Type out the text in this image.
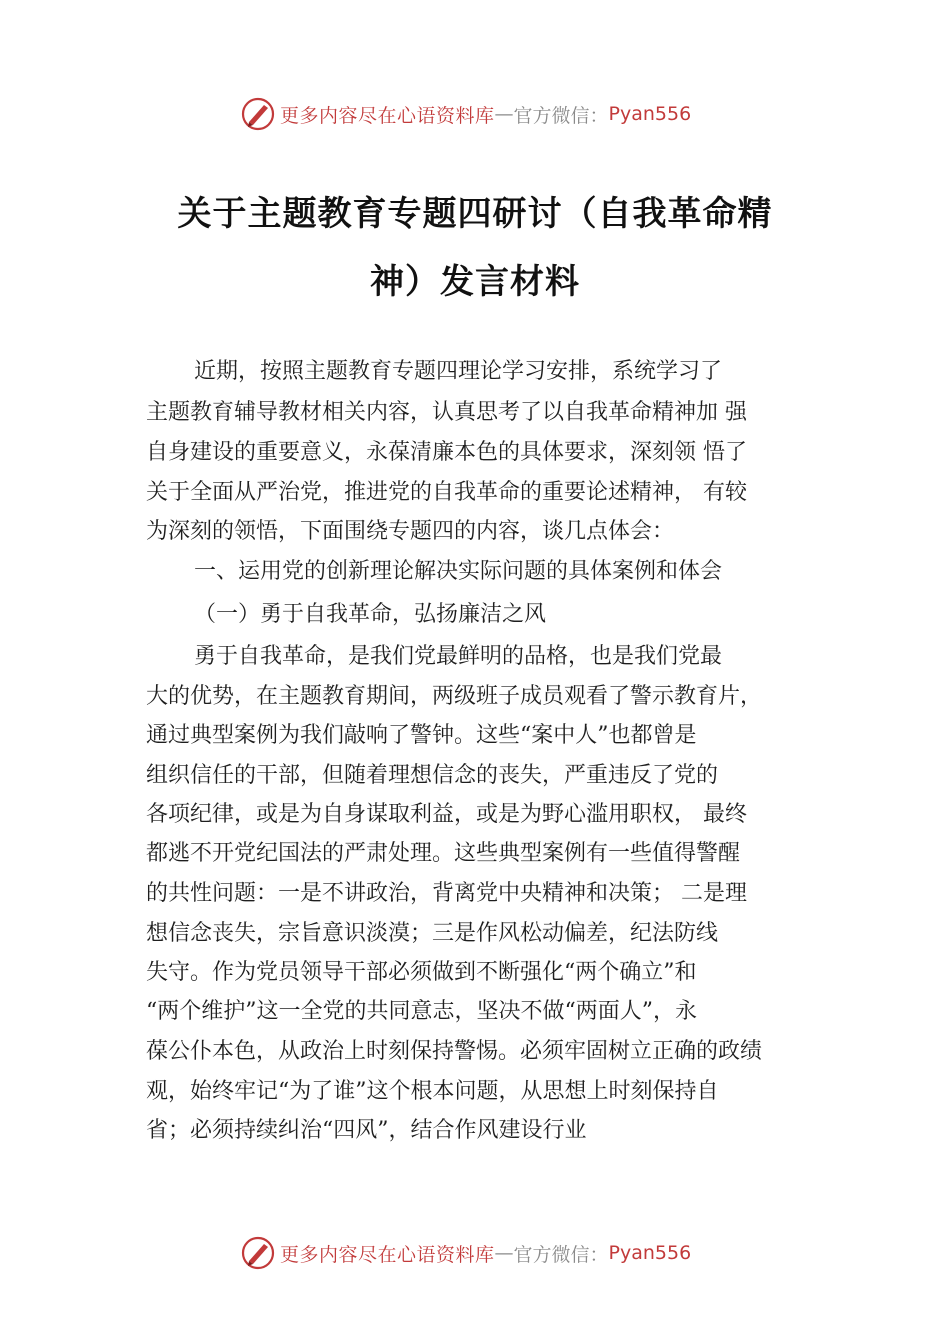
更多内容尽在心语资料库 — 官方微信： Pyan556
关于主题教育专题四研讨（自我革命精
神）发言材料
近期，按照主题教育专题四理论学习安排，系统学习了
主题教育辅导教材相关内容，认真思考了以自我革命精神加 强
自身建设的重要意义，永葆清廉本色的具体要求，深刻领 悟了
关于全面从严治党，推进党的自我革命的重要论述精神， 有较
为深刻的领悟，下面围绕专题四的内容，谈几点体会：
一、运用党的创新理论解决实际问题的具体案例和体会
（一）勇于自我革命，弘扬廉洁之风
勇于自我革命，是我们党最鲜明的品格，也是我们党最
大的优势，在主题教育期间，两级班子成员观看了警示教育片，
通过典型案例为我们敲响了警钟。这些“案中人”也都曾是
组织信任的干部，但随着理想信念的丧失，严重违反了党的
各项纪律，或是为自身谋取利益，或是为野心滥用职权， 最终
都逃不开党纪国法的严肃处理。这些典型案例有一些值得警醒
的共性问题：一是不讲政治，背离党中央精神和决策； 二是理
想信念丧失，宗旨意识淡漠；三是作风松动偏差，纪法防线
失守。作为党员领导干部必须做到不断强化“两个确立”和
“两个维护”这一全党的共同意志，坚决不做“两面人”，永
葆公仆本色，从政治上时刻保持警惕。必须牢固树立正确的政绩
观，始终牢记“为了谁”这个根本问题，从思想上时刻保持自
省；必须持续纠治“四风”，结合作风建设行业
更多内容尽在心语资料库 — 官方微信： Pyan556
